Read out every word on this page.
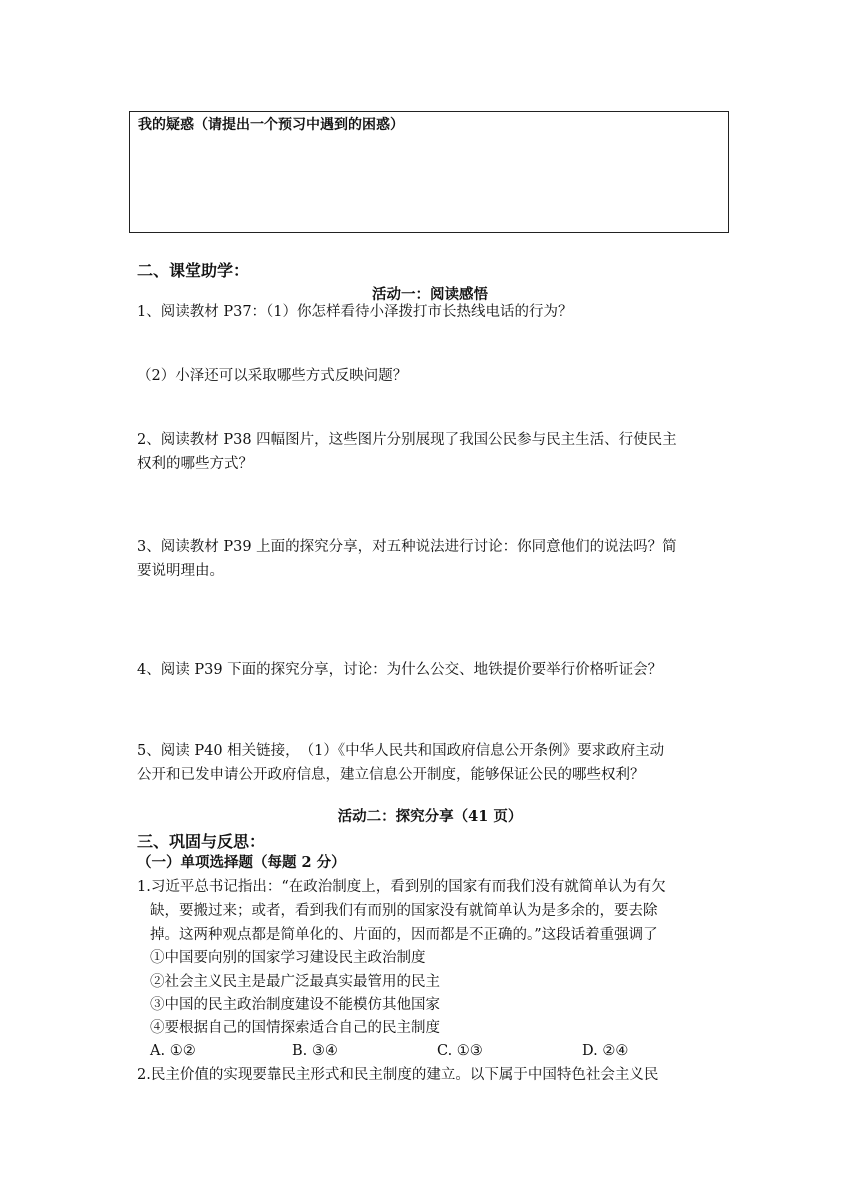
我的疑惑（请提出一个预习中遇到的困惑）
二、课堂助学：
活动一：阅读感悟
1、阅读教材 P37：（1）你怎样看待小泽拨打市长热线电话的行为？
（2）小泽还可以采取哪些方式反映问题？
2、阅读教材 P38 四幅图片，这些图片分别展现了我国公民参与民主生活、行使民主
权利的哪些方式？
3、阅读教材 P39 上面的探究分享，对五种说法进行讨论：你同意他们的说法吗？简
要说明理由。
4、阅读 P39 下面的探究分享，讨论：为什么公交、地铁提价要举行价格听证会？
5、阅读 P40 相关链接，　（1）《中华人民共和国政府信息公开条例》要求政府主动
公开和已发申请公开政府信息，建立信息公开制度，能够保证公民的哪些权利？
活动二：探究分享（41 页）
三、巩固与反思：
（一）单项选择题（每题 2 分）
1.习近平总书记指出：“在政治制度上，看到别的国家有而我们没有就简单认为有欠
缺，要搬过来；或者，看到我们有而别的国家没有就简单认为是多余的，要去除
掉。这两种观点都是简单化的、片面的，因而都是不正确的。”这段话着重强调了
①中国要向别的国家学习建设民主政治制度
②社会主义民主是最广泛最真实最管用的民主
③中国的民主政治制度建设不能模仿其他国家
④要根据自己的国情探索适合自己的民主制度
A. ①②	B. ③④	C. ①③	D. ②④
2.民主价值的实现要靠民主形式和民主制度的建立。以下属于中国特色社会主义民
